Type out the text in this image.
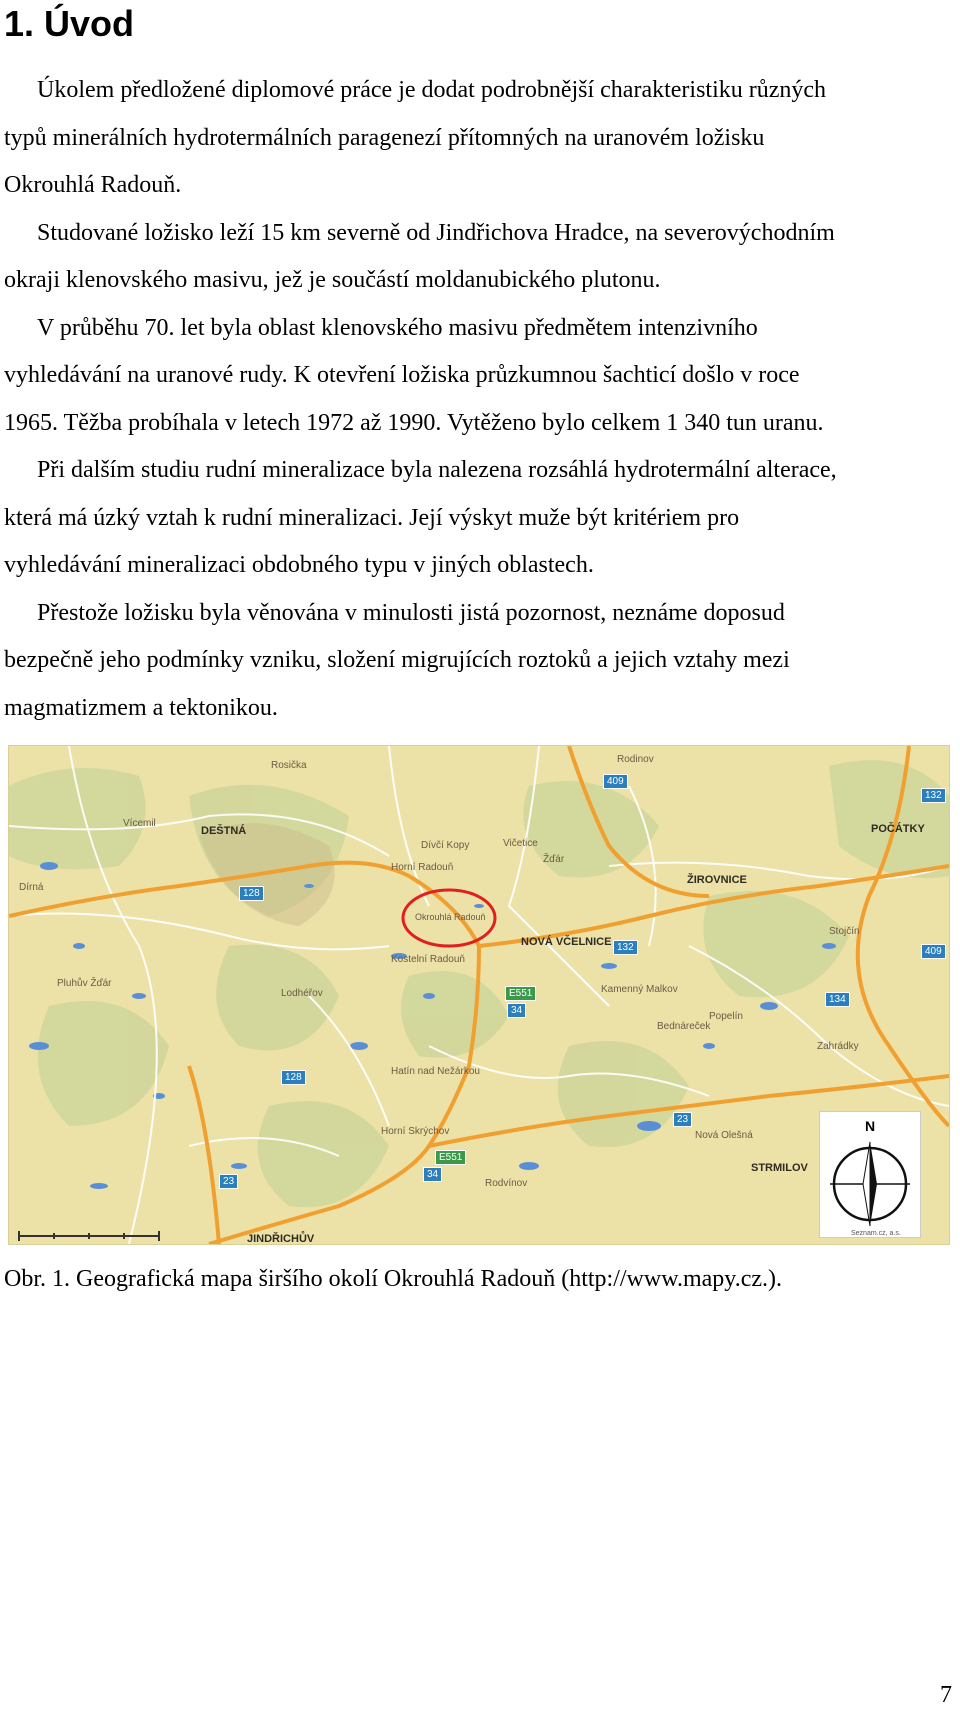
1. Úvod

Úkolem předložené diplomové práce je dodat podrobnější charakteristiku různých

typů minerálních hydrotermálních paragenezí přítomných na uranovém ložisku

Okrouhlá Radouň.

Studované ložisko leží 15 km severně od Jindřichova Hradce, na severovýchodním

okraji klenovského masivu, jež je součástí moldanubického plutonu.

V průběhu 70. let byla oblast klenovského masivu předmětem intenzivního

vyhledávání na uranové rudy. K otevření ložiska průzkumnou šachticí došlo v roce

1965. Těžba probíhala v letech 1972 až 1990. Vytěženo bylo celkem 1 340 tun uranu.

Při dalším studiu rudní mineralizace byla nalezena rozsáhlá hydrotermální alterace,

která má úzký vztah k rudní mineralizaci. Její výskyt muže být kritériem pro

vyhledávání mineralizaci obdobného typu v jiných oblastech.

Přestože ložisku byla věnována v minulosti jistá pozornost, neznáme doposud

bezpečně jeho podmínky vzniku, složení migrujících roztoků a jejich vztahy mezi

magmatizmem a tektonikou.

DEŠTNÁ	POČÁTKY
ŽIROVNICE
NOVÁ VČELNICE
STRMILOV
JINDŘICHŮV
Okrouhlá Radouň
Horní Radouň
Kostelní Radouň
Dívčí Kopy
Vícemil
Rodinov
Rosička
Lodhéřov
Pluhův Žďár
Kamenný Malkov
Popelín
Bednáreček
Zahrádky
Nová Olešná
Stojčín
Horní Skrýchov
Rodvínov
Hatín nad Nežárkou
Dírná
Žďár
Vičetice
409
132
128
132
E551
34
409
134
128
23
23
E551
34
N
Seznam.cz, a.s.

Obr. 1. Geografická mapa širšího okolí Okrouhlá Radouň (http://www.mapy.cz.).

7
